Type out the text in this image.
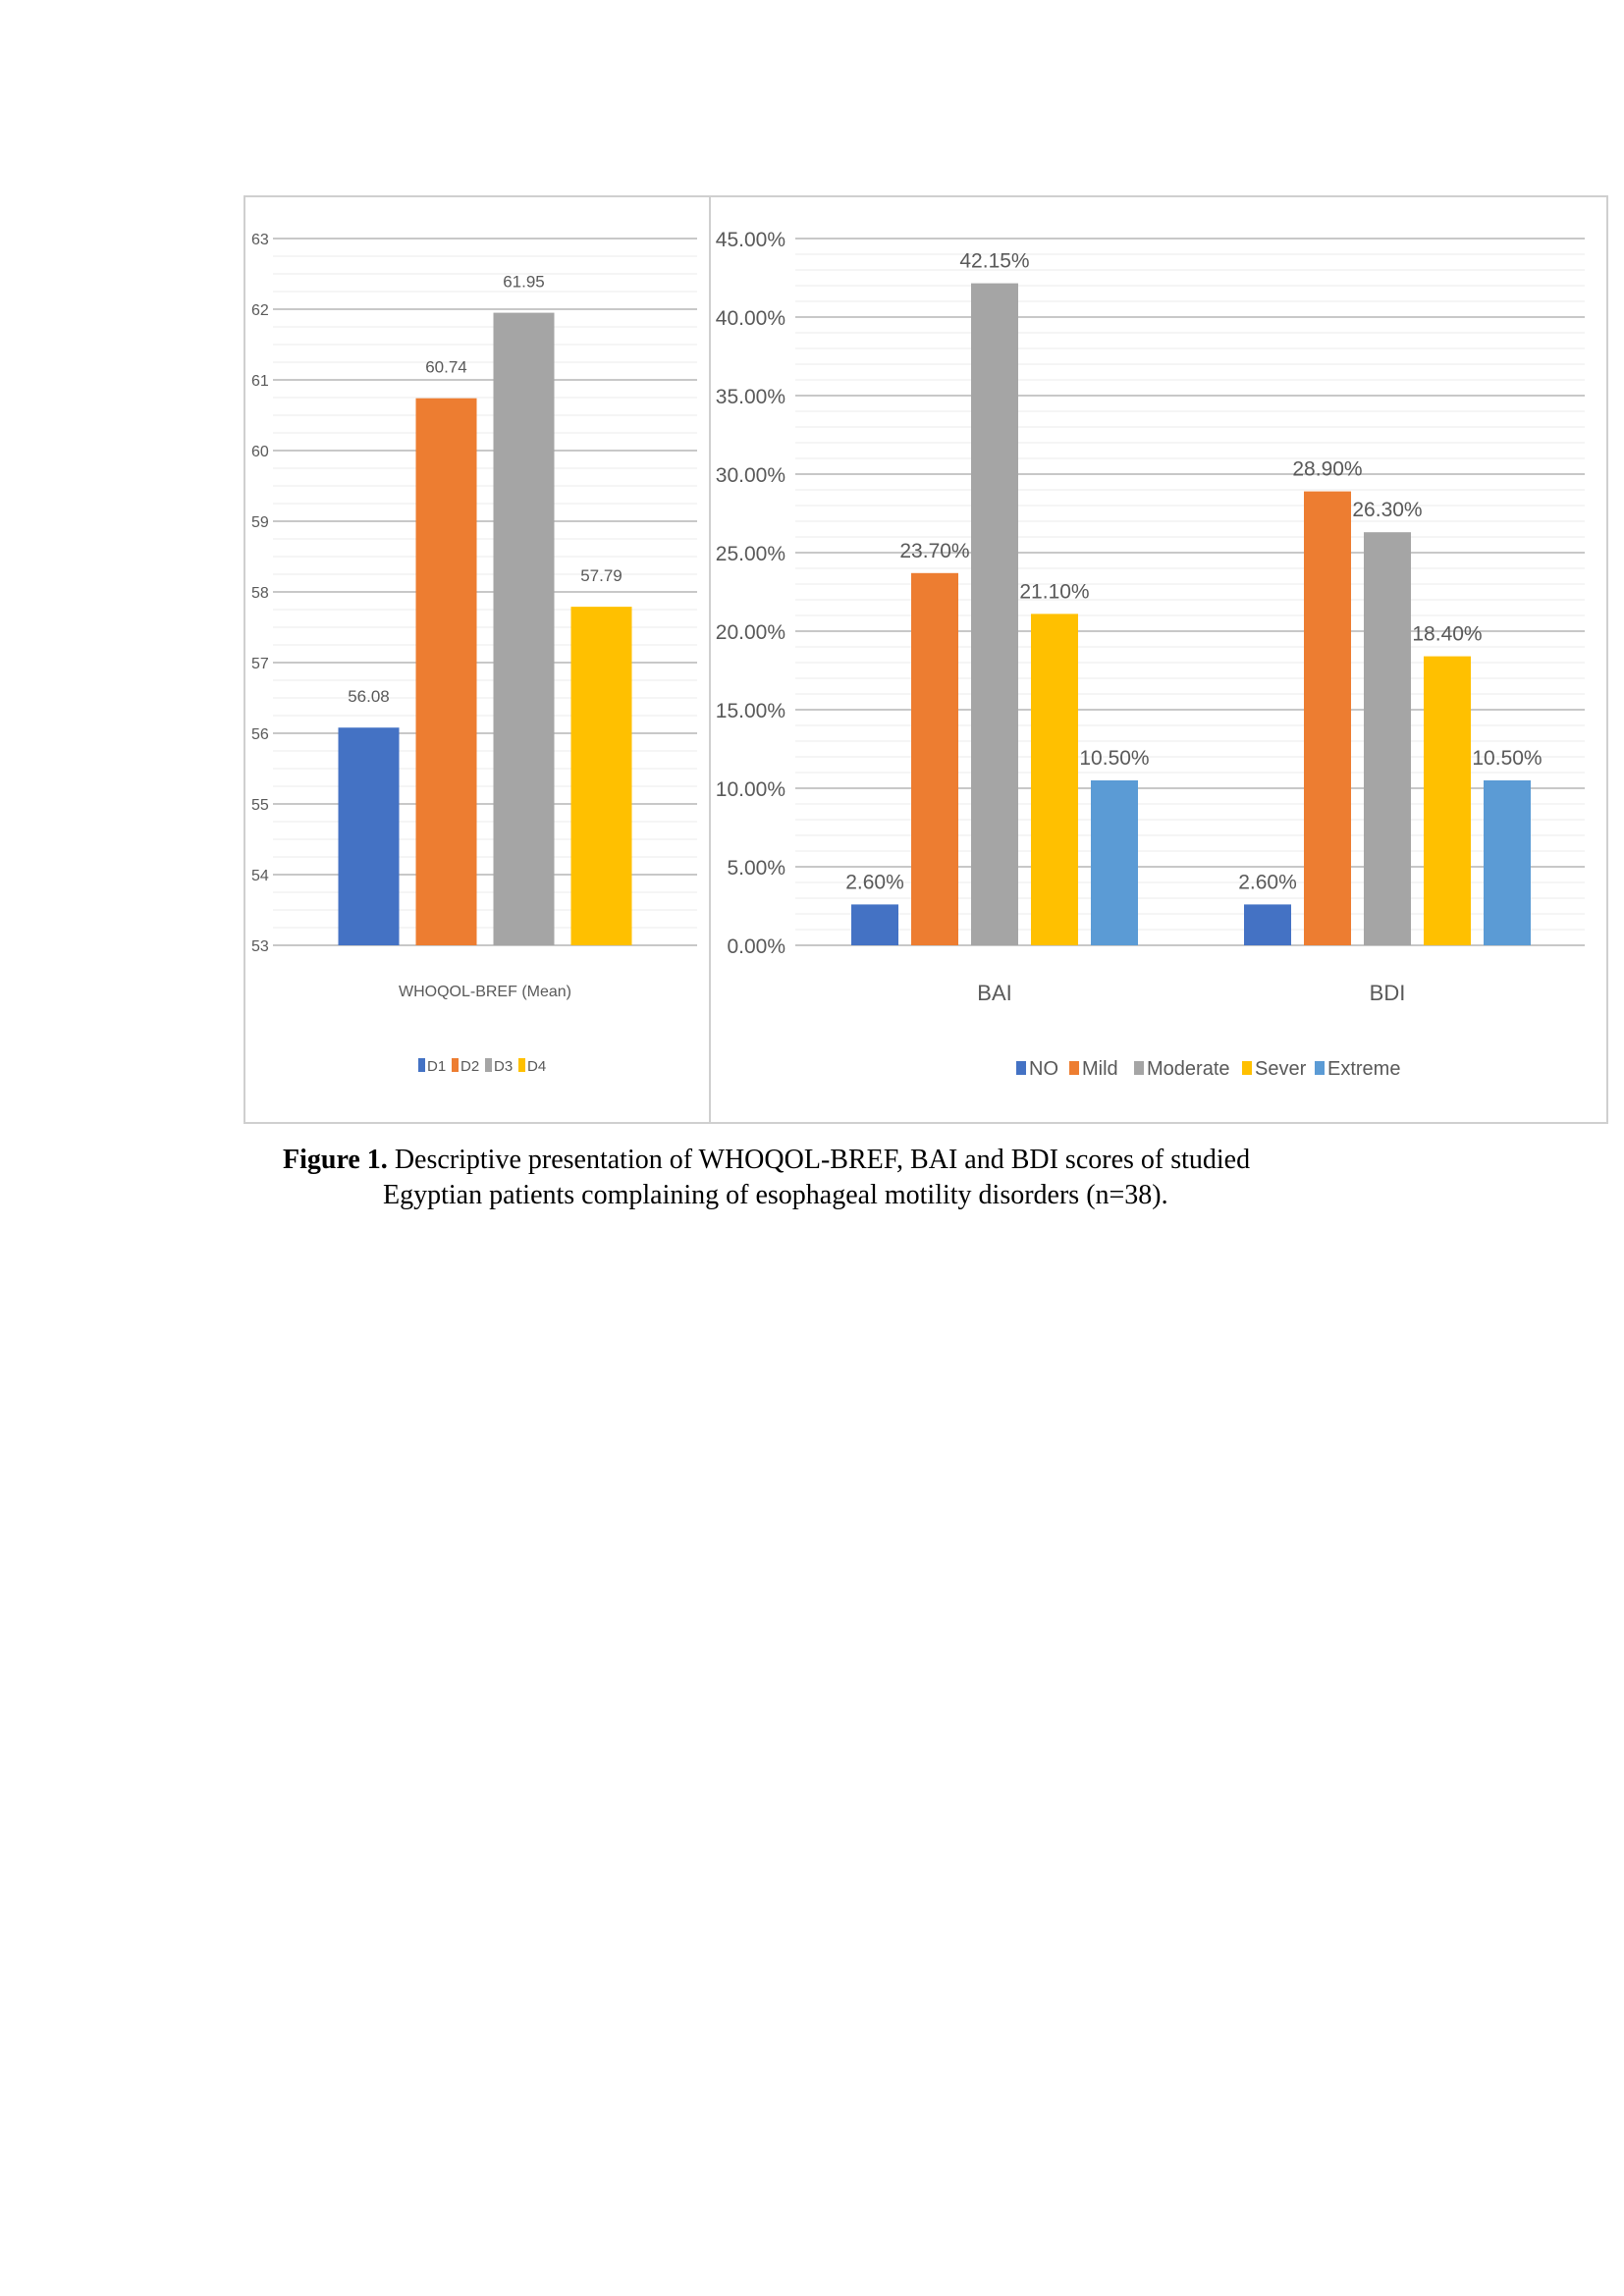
53
54
55
56
57
58
59
60
61
62
63
56.08
60.74
61.95
57.79
WHOQOL-BREF (Mean)
D1 D2 D3 D4
0.00%
5.00%
10.00%
15.00%
20.00%
25.00%
30.00%
35.00%
40.00%
45.00%
2.60%
23.70%
42.15%
21.10%
10.50%
BAI
2.60%
28.90%
26.30%
18.40%
10.50%
BDI
NO Mild Moderate Sever Extreme
Figure 1. Descriptive presentation of WHOQOL-BREF, BAI and BDI scores of studied
Egyptian patients complaining of esophageal motility disorders (n=38).
